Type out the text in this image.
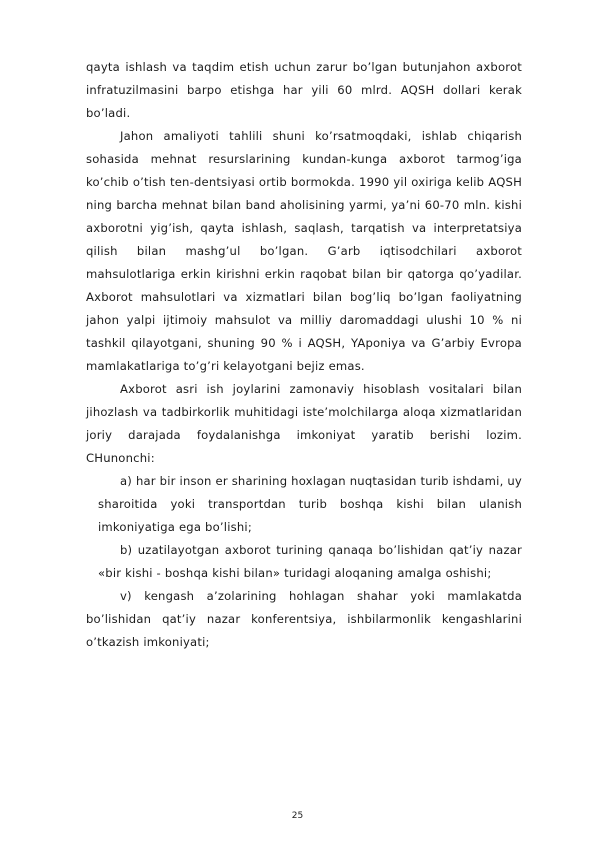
qayta ishlash va taqdim etish uchun zarur bo’lgan butunjahon axborot infratuzilmasini barpo etishga har yili 60 mlrd. AQSH dollari kerak bo’ladi.

Jahon amaliyoti tahlili shuni ko’rsatmoqdaki, ishlab chiqarish sohasida mehnat resurslarining kundan-kunga axborot tarmog’iga ko’chib o’tish ten-dentsiyasi ortib bormokda. 1990 yil oxiriga kelib AQSH ning barcha mehnat bilan band aholisining yarmi, ya’ni 60-70 mln. kishi axborotni yig’ish, qayta ishlash, saqlash, tarqatish va interpretatsiya qilish bilan mashg’ul bo’lgan. G’arb iqtisodchilari axborot mahsulotlariga erkin kirishni erkin raqobat bilan bir qatorga qo’yadilar. Axborot mahsulotlari va xizmatlari bilan bog’liq bo’lgan faoliyatning jahon yalpi ijtimoiy mahsulot va milliy daromaddagi ulushi 10 % ni tashkil qilayotgani, shuning 90 % i AQSH, YAponiya va G’arbiy Evropa mamlakatlariga to’g’ri kelayotgani bejiz emas.

Axborot asri ish joylarini zamonaviy hisoblash vositalari bilan jihozlash va tadbirkorlik muhitidagi iste’molchilarga aloqa xizmatlaridan joriy darajada foydalanishga imkoniyat yaratib berishi lozim. CHunonchi:

a) har bir inson er sharining hoxlagan nuqtasidan turib ishdami, uy sharoitida yoki transportdan turib boshqa kishi bilan ulanish imkoniyatiga ega bo’lishi;

b) uzatilayotgan axborot turining qanaqa bo’lishidan qat’iy nazar «bir kishi - boshqa kishi bilan» turidagi aloqaning amalga oshishi;

v) kengash a’zolarining hohlagan shahar yoki mamlakatda bo’lishidan qat’iy nazar konferentsiya, ishbilarmonlik kengashlarini o’tkazish imkoniyati;

25
